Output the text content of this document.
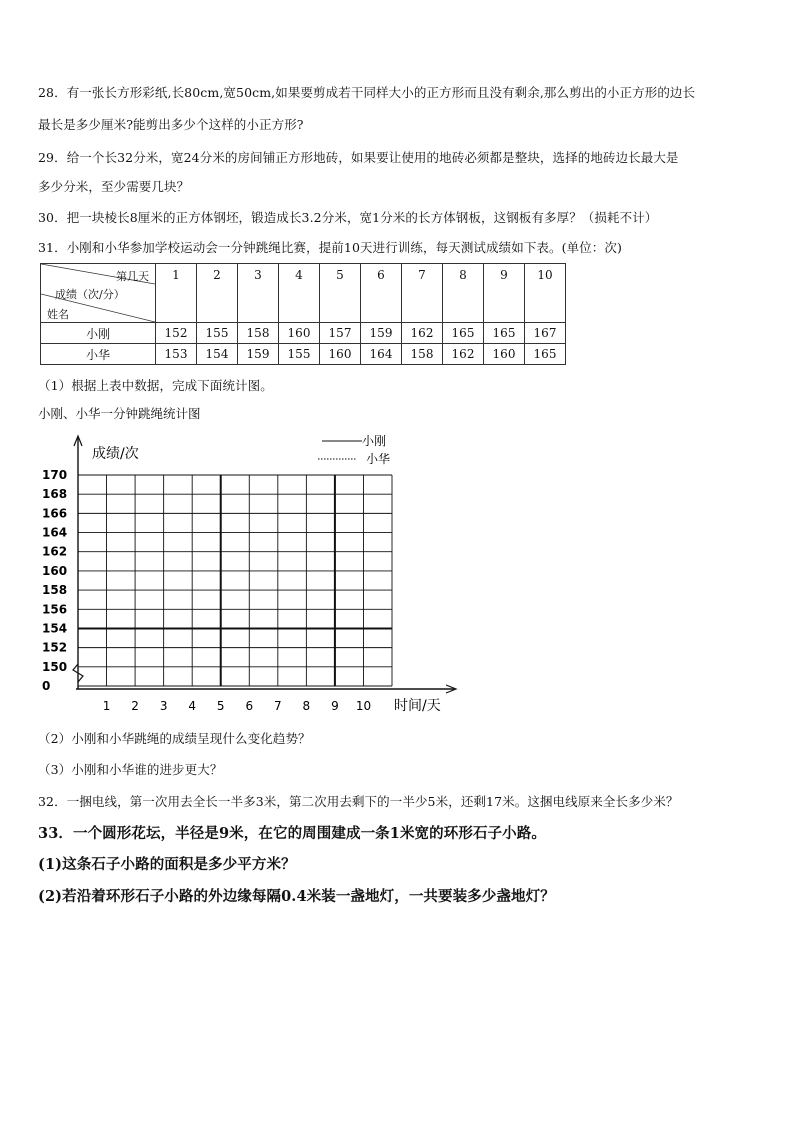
28．有一张长方形彩纸,长80cm,宽50cm,如果要剪成若干同样大小的正方形而且没有剩余,那么剪出的小正方形的边长
最长是多少厘米?能剪出多少个这样的小正方形?
29．给一个长32分米，宽24分米的房间铺正方形地砖，如果要让使用的地砖必须都是整块，选择的地砖边长最大是
多少分米，至少需要几块？
30．把一块棱长8厘米的正方体钢坯，锻造成长3.2分米，宽1分米的长方体钢板，这钢板有多厚？（损耗不计）
31．小刚和小华参加学校运动会一分钟跳绳比赛，提前10天进行训练，每天测试成绩如下表。(单位：次)
第几天
成绩（次/分）
姓名	1	2	3	4	5	6	7	8	9	10
小刚	152	155	158	160	157	159	162	165	165	167
小华	153	154	159	155	160	164	158	162	160	165
（1）根据上表中数据，完成下面统计图。
小刚、小华一分钟跳绳统计图
成绩/次
170
168
166
164
162
160
158
156
154
152
150
0
1 2 3 4 5 6 7 8 9 10 时间/天
小刚
小华
（2）小刚和小华跳绳的成绩呈现什么变化趋势？
（3）小刚和小华谁的进步更大？
32．一捆电线，第一次用去全长一半多3米，第二次用去剩下的一半少5米，还剩17米。这捆电线原来全长多少米？
33．一个圆形花坛，半径是9米，在它的周围建成一条1米宽的环形石子小路。
(1)这条石子小路的面积是多少平方米？
(2)若沿着环形石子小路的外边缘每隔0.4米装一盏地灯，一共要装多少盏地灯？
